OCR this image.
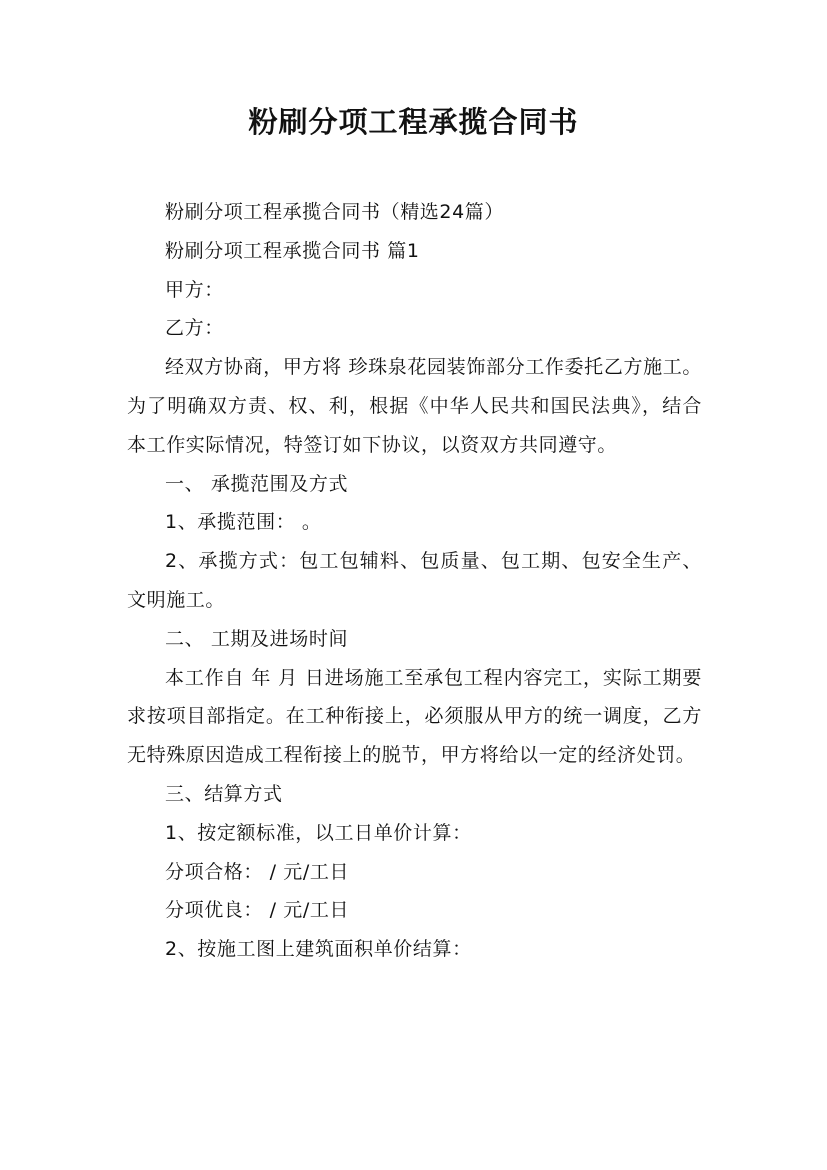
粉刷分项工程承揽合同书

粉刷分项工程承揽合同书（精选24篇）

粉刷分项工程承揽合同书 篇1

甲方：

乙方：

经双方协商，甲方将 珍珠泉花园装饰部分工作委托乙方施工。为了明确双方责、权、利，根据《中华人民共和国民法典》，结合本工作实际情况，特签订如下协议，以资双方共同遵守。

一、 承揽范围及方式

1、承揽范围： 。

2、承揽方式：包工包辅料、包质量、包工期、包安全生产、文明施工。

二、 工期及进场时间

本工作自 年 月 日进场施工至承包工程内容完工，实际工期要求按项目部指定。在工种衔接上，必须服从甲方的统一调度，乙方无特殊原因造成工程衔接上的脱节，甲方将给以一定的经济处罚。

三、结算方式

1、按定额标准，以工日单价计算：

分项合格： / 元/工日

分项优良： / 元/工日

2、按施工图上建筑面积单价结算：
